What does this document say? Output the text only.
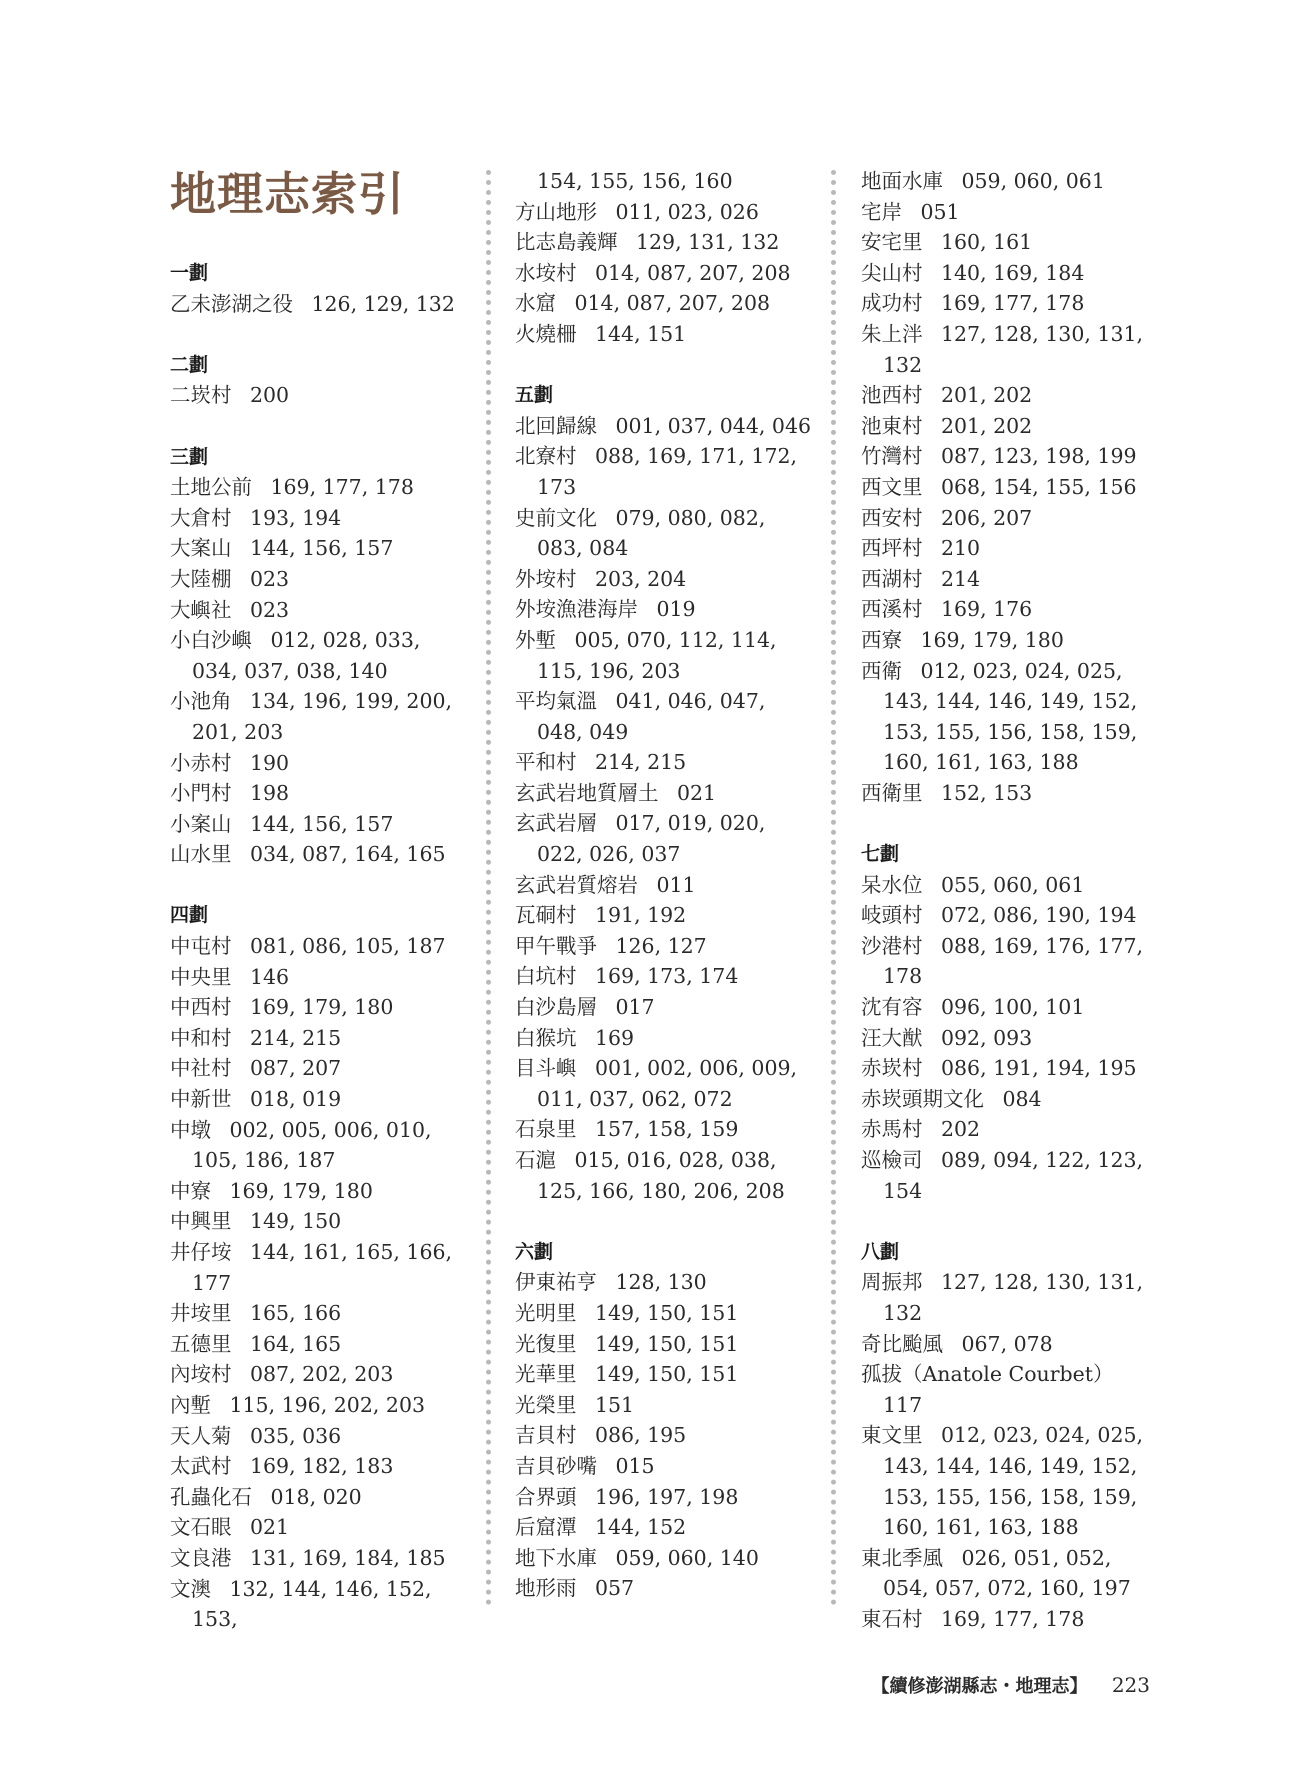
地理志索引
一劃
乙未澎湖之役 126, 129, 132
二劃
二崁村 200
三劃
土地公前 169, 177, 178
大倉村 193, 194
大案山 144, 156, 157
大陸棚 023
大嶼社 023
小白沙嶼 012, 028, 033, 034, 037, 038, 140
小池角 134, 196, 199, 200, 201, 203
小赤村 190
小門村 198
小案山 144, 156, 157
山水里 034, 087, 164, 165
四劃
中屯村 081, 086, 105, 187
中央里 146
中西村 169, 179, 180
中和村 214, 215
中社村 087, 207
中新世 018, 019
中墩 002, 005, 006, 010, 105, 186, 187
中寮 169, 179, 180
中興里 149, 150
井仔垵 144, 161, 165, 166, 177
井垵里 165, 166
五德里 164, 165
內垵村 087, 202, 203
內塹 115, 196, 202, 203
天人菊 035, 036
太武村 169, 182, 183
孔蟲化石 018, 020
文石眼 021
文良港 131, 169, 184, 185
文澳 132, 144, 146, 152, 153,
154, 155, 156, 160
方山地形 011, 023, 026
比志島義輝 129, 131, 132
水垵村 014, 087, 207, 208
水窟 014, 087, 207, 208
火燒柵 144, 151
五劃
北回歸線 001, 037, 044, 046
北寮村 088, 169, 171, 172, 173
史前文化 079, 080, 082, 083, 084
外垵村 203, 204
外垵漁港海岸 019
外塹 005, 070, 112, 114, 115, 196, 203
平均氣溫 041, 046, 047, 048, 049
平和村 214, 215
玄武岩地質層土 021
玄武岩層 017, 019, 020, 022, 026, 037
玄武岩質熔岩 011
瓦硐村 191, 192
甲午戰爭 126, 127
白坑村 169, 173, 174
白沙島層 017
白猴坑 169
目斗嶼 001, 002, 006, 009, 011, 037, 062, 072
石泉里 157, 158, 159
石滬 015, 016, 028, 038, 125, 166, 180, 206, 208
六劃
伊東祐亨 128, 130
光明里 149, 150, 151
光復里 149, 150, 151
光華里 149, 150, 151
光榮里 151
吉貝村 086, 195
吉貝砂嘴 015
合界頭 196, 197, 198
后窟潭 144, 152
地下水庫 059, 060, 140
地形雨 057
地面水庫 059, 060, 061
宅岸 051
安宅里 160, 161
尖山村 140, 169, 184
成功村 169, 177, 178
朱上泮 127, 128, 130, 131, 132
池西村 201, 202
池東村 201, 202
竹灣村 087, 123, 198, 199
西文里 068, 154, 155, 156
西安村 206, 207
西坪村 210
西湖村 214
西溪村 169, 176
西寮 169, 179, 180
西衛 012, 023, 024, 025, 143, 144, 146, 149, 152, 153, 155, 156, 158, 159, 160, 161, 163, 188
西衛里 152, 153
七劃
呆水位 055, 060, 061
岐頭村 072, 086, 190, 194
沙港村 088, 169, 176, 177, 178
沈有容 096, 100, 101
汪大猷 092, 093
赤崁村 086, 191, 194, 195
赤崁頭期文化 084
赤馬村 202
巡檢司 089, 094, 122, 123, 154
八劃
周振邦 127, 128, 130, 131, 132
奇比颱風 067, 078
孤拔（Anatole Courbet）117
東文里 012, 023, 024, 025, 143, 144, 146, 149, 152, 153, 155, 156, 158, 159, 160, 161, 163, 188
東北季風 026, 051, 052, 054, 057, 072, 160, 197
東石村 169, 177, 178
【續修澎湖縣志・地理志】 223
